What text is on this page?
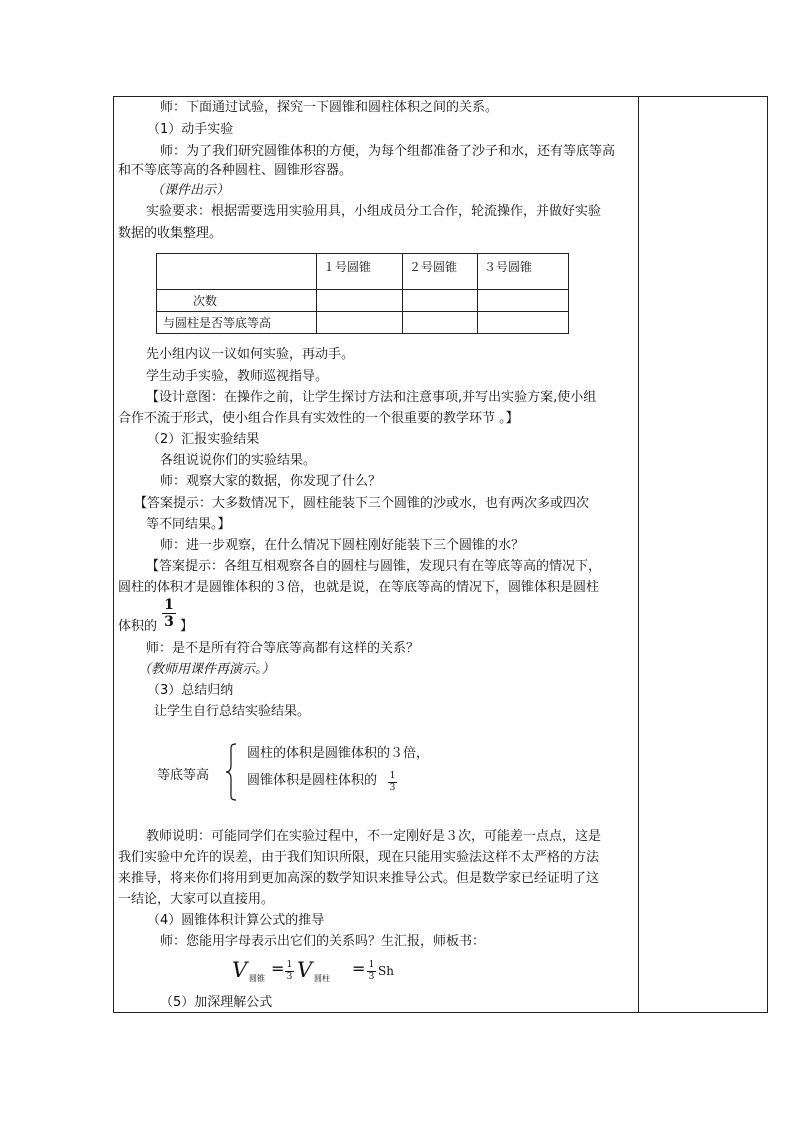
师：下面通过试验，探究一下圆锥和圆柱体积之间的关系。
（1）动手实验
师：为了我们研究圆锥体积的方便，为每个组都准备了沙子和水，还有等底等高
和不等底等高的各种圆柱、圆锥形容器。
（课件出示）
实验要求：根据需要选用实验用具，小组成员分工合作，轮流操作，并做好实验
数据的收集整理。
	１号圆锥	２号圆锥	３号圆锥
次数			
与圆柱是否等底等高			
先小组内议一议如何实验，再动手。
学生动手实验，教师巡视指导。
【设计意图：在操作之前，让学生探讨方法和注意事项,并写出实验方案,使小组
合作不流于形式，使小组合作具有实效性的一个很重要的教学环节 。】
（2）汇报实验结果
各组说说你们的实验结果。
师：观察大家的数据，你发现了什么？
【答案提示：大多数情况下，圆柱能装下三个圆锥的沙或水，也有两次多或四次
等不同结果。】
师：进一步观察，在什么情况下圆柱刚好能装下三个圆锥的水？
【答案提示：各组互相观察各自的圆柱与圆锥，发现只有在等底等高的情况下，
圆柱的体积才是圆锥体积的３倍，也就是说，在等底等高的情况下，圆锥体积是圆柱
$\frac{1}{3}$
体积的 】
师：是不是所有符合等底等高都有这样的关系？
（教师用课件再演示。）
（3）总结归纳
让学生自行总结实验结果。
等底等高
圆柱的体积是圆锥体积的３倍，
圆锥体积是圆柱体积的 $\frac{1}{3}$
教师说明：可能同学们在实验过程中，不一定刚好是３次，可能差一点点，这是
我们实验中允许的误差，由于我们知识所限，现在只能用实验法这样不太严格的方法
来推导，将来你们将用到更加高深的数学知识来推导公式。但是数学家已经证明了这
一结论，大家可以直接用。
（4）圆锥体积计算公式的推导
师：您能用字母表示出它们的关系吗？生汇报，师板书：
V 圆锥
= $\frac{1}{3}$ V 圆柱
= $\frac{1}{3}$ Sh
（5）加深理解公式
